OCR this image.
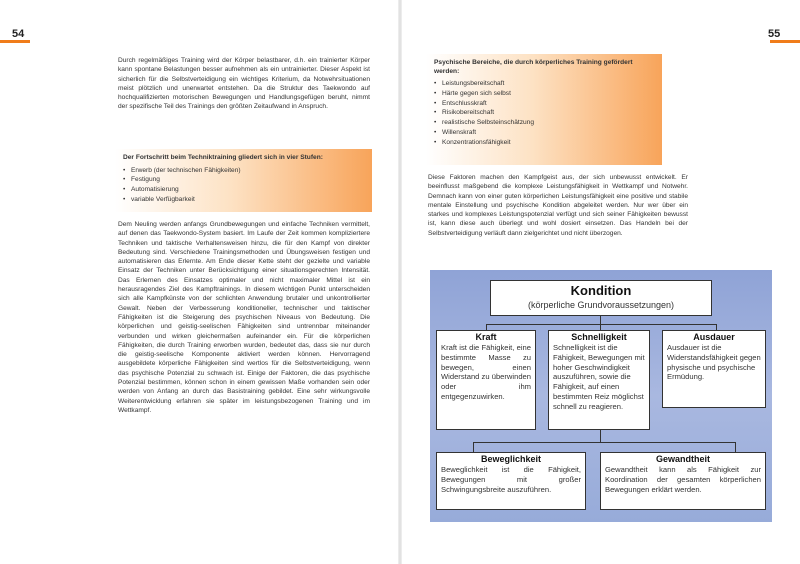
54

Durch regelmäßiges Training wird der Körper belastbarer, d.h. ein trainierter Körper kann spontane Belastungen besser aufnehmen als ein untrainierter. Dieser Aspekt ist sicherlich für die Selbstverteidigung ein wichtiges Kriterium, da Notwehrsituationen meist plötzlich und unerwartet entstehen. Da die Struktur des Taekwondo auf hochqualifizierten motorischen Bewegungen und Handlungsgefügen beruht, nimmt der spezifische Teil des Trainings den größten Zeitaufwand in Anspruch.

Der Fortschritt beim Techniktraining gliedert sich in vier Stufen:
• Erwerb (der technischen Fähigkeiten)
• Festigung
• Automatisierung
• variable Verfügbarkeit

Dem Neuling werden anfangs Grundbewegungen und einfache Techniken vermittelt, auf denen das Taekwondo-System basiert. Im Laufe der Zeit kommen kompliziertere Techniken und taktische Verhaltensweisen hinzu, die für den Kampf von direkter Bedeutung sind. Verschiedene Trainingsmethoden und Übungsweisen festigen und automatisieren das Erlernte. Am Ende dieser Kette steht der gezielte und variable Einsatz der Techniken unter Berücksichtigung einer situationsgerechten Intensität. Das Erlernen des Einsatzes optimaler und nicht maximaler Mittel ist ein herausragendes Ziel des Kampftrainings. In diesem wichtigen Punkt unterscheiden sich alle Kampfkünste von der schlichten Anwendung brutaler und unkontrollierter Gewalt. Neben der Verbesserung konditioneller, technischer und taktischer Fähigkeiten ist die Steigerung des psychischen Niveaus von Bedeutung. Die körperlichen und geistig-seelischen Fähigkeiten sind untrennbar miteinander verbunden und wirken gleichermaßen aufeinander ein. Für die körperlichen Fähigkeiten, die durch Training erworben wurden, bedeutet das, dass sie nur durch die geistig-seelische Komponente aktiviert werden können. Hervorragend ausgebildete körperliche Fähigkeiten sind wertlos für die Selbstverteidigung, wenn das psychische Potenzial zu schwach ist. Einige der Faktoren, die das psychische Potenzial bestimmen, können schon in einem gewissen Maße vorhanden sein oder werden von Anfang an durch das Basistraining gebildet. Eine sehr wirkungsvolle Weiterentwicklung erfahren sie später im leistungsbezogenen Training und im Wettkampf.

55
Psychische Bereiche, die durch körperliches Training gefördert werden:
• Leistungsbereitschaft
• Härte gegen sich selbst
• Entschlusskraft
• Risikobereitschaft
• realistische Selbsteinschätzung
• Willenskraft
• Konzentrationsfähigkeit

Diese Faktoren machen den Kampfgeist aus, der sich unbewusst entwickelt. Er beeinflusst maßgebend die komplexe Leistungsfähigkeit in Wettkampf und Notwehr. Demnach kann von einer guten körperlichen Leistungsfähigkeit eine positive und stabile mentale Einstellung und psychische Kondition abgeleitet werden. Nur wer über ein starkes und komplexes Leistungspotenzial verfügt und sich seiner Fähigkeiten bewusst ist, kann diese auch überlegt und wohl dosiert einsetzen. Das Handeln bei der Selbstverteidigung verläuft dann zielgerichtet und nicht überzogen.

Kondition
(körperliche Grundvoraussetzungen)
Kraft
Kraft ist die Fähigkeit, eine bestimmte Masse zu bewegen, einen Widerstand zu überwinden oder ihm entgegenzuwirken.
Schnelligkeit
Schnelligkeit ist die Fähigkeit, Bewegungen mit hoher Geschwindigkeit auszuführen, sowie die Fähigkeit, auf einen bestimmten Reiz möglichst schnell zu reagieren.
Ausdauer
Ausdauer ist die Widerstandsfähigkeit gegen physische und psychische Ermüdung.
Beweglichkeit
Beweglichkeit ist die Fähigkeit, Bewegungen mit großer Schwingungsbreite auszuführen.
Gewandtheit
Gewandtheit kann als Fähigkeit zur Koordination der gesamten körperlichen Bewegungen erklärt werden.
